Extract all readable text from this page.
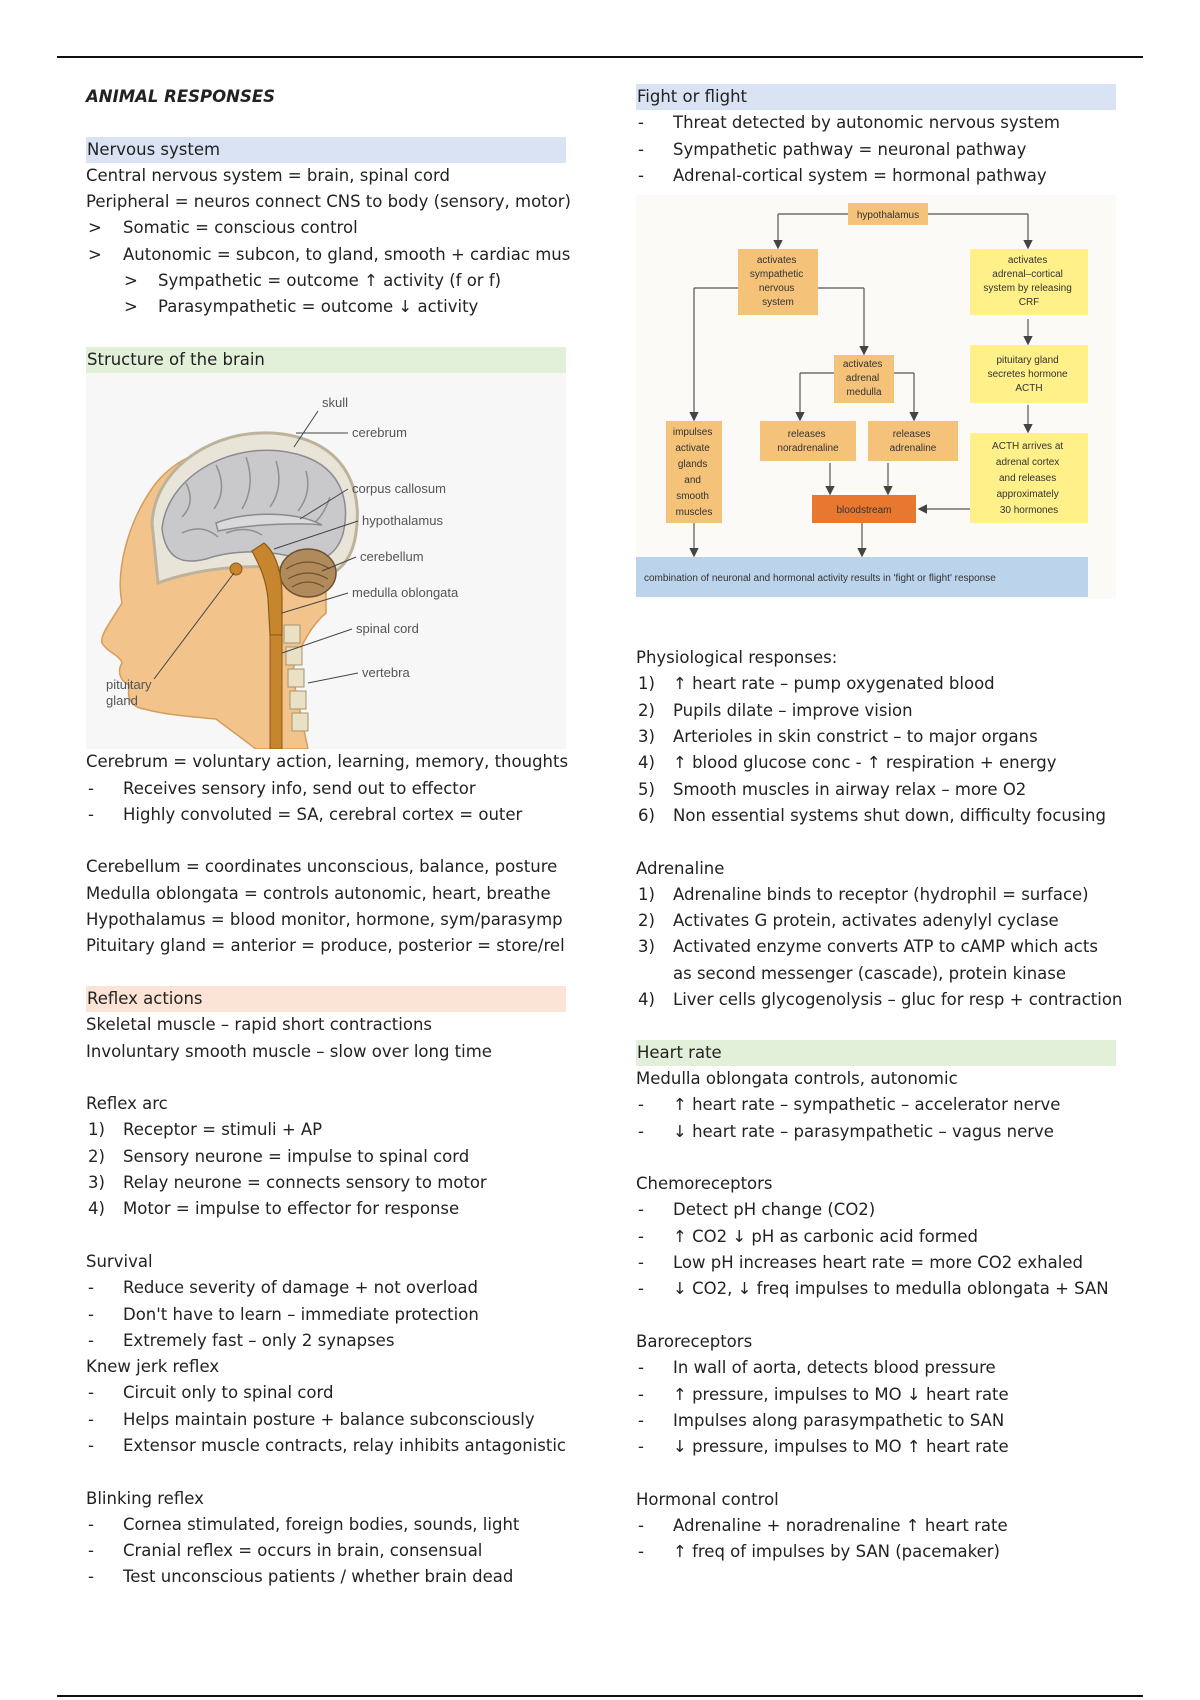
ANIMAL RESPONSES
Nervous system
Central nervous system = brain, spinal cord
Peripheral = neuros connect CNS to body (sensory, motor)
> Somatic = conscious control
> Autonomic = subcon, to gland, smooth + cardiac mus
> Sympathetic = outcome ↑ activity (f or f)
> Parasympathetic = outcome ↓ activity
Structure of the brain
skull
cerebrum
corpus callosum
hypothalamus
cerebellum
medulla oblongata
spinal cord
vertebra
pituitary
gland
Cerebrum = voluntary action, learning, memory, thoughts
- Receives sensory info, send out to effector
- Highly convoluted = SA, cerebral cortex = outer
Cerebellum = coordinates unconscious, balance, posture
Medulla oblongata = controls autonomic, heart, breathe
Hypothalamus = blood monitor, hormone, sym/parasymp
Pituitary gland = anterior = produce, posterior = store/rel
Reflex actions
Skeletal muscle – rapid short contractions
Involuntary smooth muscle – slow over long time
Reflex arc
1) Receptor = stimuli + AP
2) Sensory neurone = impulse to spinal cord
3) Relay neurone = connects sensory to motor
4) Motor = impulse to effector for response
Survival
- Reduce severity of damage + not overload
- Don't have to learn – immediate protection
- Extremely fast – only 2 synapses
Knew jerk reflex
- Circuit only to spinal cord
- Helps maintain posture + balance subconsciously
- Extensor muscle contracts, relay inhibits antagonistic
Blinking reflex
- Cornea stimulated, foreign bodies, sounds, light
- Cranial reflex = occurs in brain, consensual
- Test unconscious patients / whether brain dead
Fight or flight
- Threat detected by autonomic nervous system
- Sympathetic pathway = neuronal pathway
- Adrenal-cortical system = hormonal pathway
hypothalamus
activates sympathetic nervous system
activates adrenal–cortical system by releasing CRF
activates adrenal medulla
pituitary gland secretes hormone ACTH
impulses activate glands and smooth muscles
releases noradrenaline
releases adrenaline	ACTH arrives at adrenal cortex and releases approximately 30 hormones
bloodstream
combination of neuronal and hormonal activity results in 'fight or flight' response
Physiological responses:
1) ↑ heart rate – pump oxygenated blood
2) Pupils dilate – improve vision
3) Arterioles in skin constrict – to major organs
4) ↑ blood glucose conc - ↑ respiration + energy
5) Smooth muscles in airway relax – more O2
6) Non essential systems shut down, difficulty focusing
Adrenaline
1) Adrenaline binds to receptor (hydrophil = surface)
2) Activates G protein, activates adenylyl cyclase
3) Activated enzyme converts ATP to cAMP which acts
as second messenger (cascade), protein kinase
4) Liver cells glycogenolysis – gluc for resp + contraction
Heart rate
Medulla oblongata controls, autonomic
- ↑ heart rate – sympathetic – accelerator nerve
- ↓ heart rate – parasympathetic – vagus nerve
Chemoreceptors
- Detect pH change (CO2)
- ↑ CO2 ↓ pH as carbonic acid formed
- Low pH increases heart rate = more CO2 exhaled
- ↓ CO2, ↓ freq impulses to medulla oblongata + SAN
Baroreceptors
- In wall of aorta, detects blood pressure
- ↑ pressure, impulses to MO ↓ heart rate
- Impulses along parasympathetic to SAN
- ↓ pressure, impulses to MO ↑ heart rate
Hormonal control
- Adrenaline + noradrenaline ↑ heart rate
- ↑ freq of impulses by SAN (pacemaker)
